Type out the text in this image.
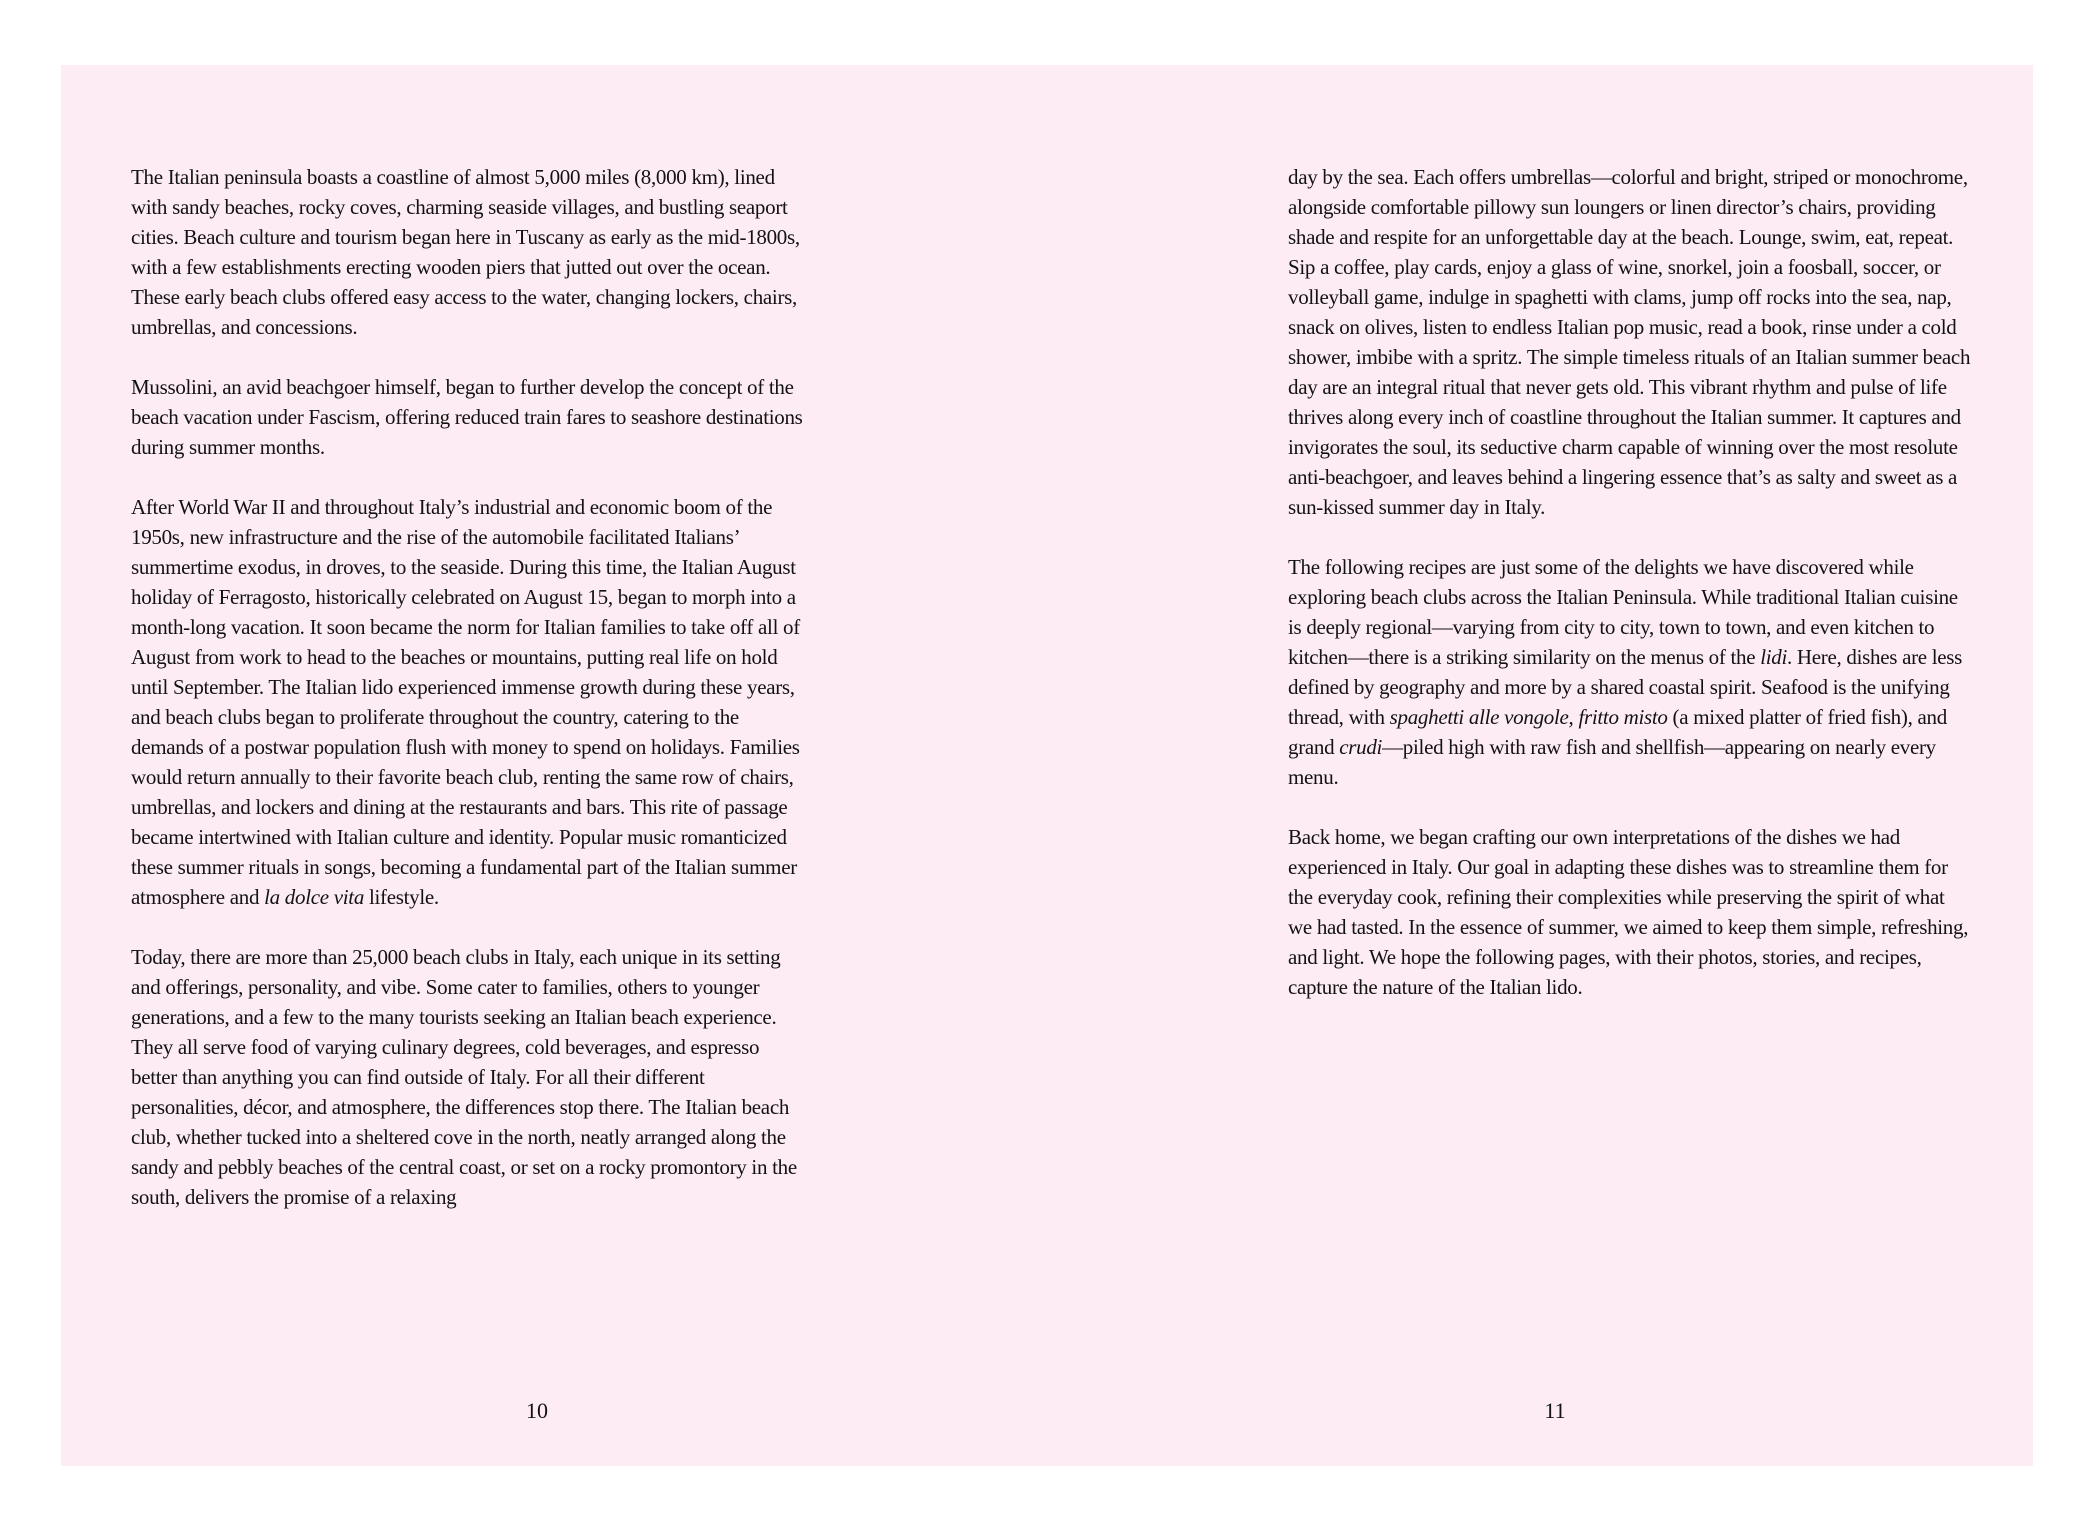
The Italian peninsula boasts a coastline of almost 5,000 miles (8,000 km), lined with sandy beaches, rocky coves, charming seaside villages, and bustling seaport cities. Beach culture and tourism began here in Tuscany as early as the mid-1800s, with a few establishments erecting wooden piers that jutted out over the ocean. These early beach clubs offered easy access to the water, changing lockers, chairs, umbrellas, and concessions.

Mussolini, an avid beachgoer himself, began to further develop the concept of the beach vacation under Fascism, offering reduced train fares to seashore destinations during summer months.

After World War II and throughout Italy’s industrial and economic boom of the 1950s, new infrastructure and the rise of the automobile facilitated Italians’ summertime exodus, in droves, to the seaside. During this time, the Italian August holiday of Ferragosto, historically celebrated on August 15, began to morph into a month-long vacation. It soon became the norm for Italian families to take off all of August from work to head to the beaches or mountains, putting real life on hold until September. The Italian lido experienced immense growth during these years, and beach clubs began to proliferate throughout the country, catering to the demands of a postwar population flush with money to spend on holidays. Families would return annually to their favorite beach club, renting the same row of chairs, umbrellas, and lockers and dining at the restaurants and bars. This rite of passage became intertwined with Italian culture and identity. Popular music romanticized these summer rituals in songs, becoming a fundamental part of the Italian summer atmosphere and la dolce vita lifestyle.

Today, there are more than 25,000 beach clubs in Italy, each unique in its setting and offerings, personality, and vibe. Some cater to families, others to younger generations, and a few to the many tourists seeking an Italian beach experience. They all serve food of varying culinary degrees, cold beverages, and espresso better than anything you can find outside of Italy. For all their different personalities, décor, and atmosphere, the differences stop there. The Italian beach club, whether tucked into a sheltered cove in the north, neatly arranged along the sandy and pebbly beaches of the central coast, or set on a rocky promontory in the south, delivers the promise of a relaxing

day by the sea. Each offers umbrellas—colorful and bright, striped or monochrome, alongside comfortable pillowy sun loungers or linen director’s chairs, providing shade and respite for an unforgettable day at the beach. Lounge, swim, eat, repeat. Sip a coffee, play cards, enjoy a glass of wine, snorkel, join a foosball, soccer, or volleyball game, indulge in spaghetti with clams, jump off rocks into the sea, nap, snack on olives, listen to endless Italian pop music, read a book, rinse under a cold shower, imbibe with a spritz. The simple timeless rituals of an Italian summer beach day are an integral ritual that never gets old. This vibrant rhythm and pulse of life thrives along every inch of coastline throughout the Italian summer. It captures and invigorates the soul, its seductive charm capable of winning over the most resolute anti-beachgoer, and leaves behind a lingering essence that’s as salty and sweet as a sun-kissed summer day in Italy.

The following recipes are just some of the delights we have discovered while exploring beach clubs across the Italian Peninsula. While traditional Italian cuisine is deeply regional—varying from city to city, town to town, and even kitchen to kitchen—there is a striking similarity on the menus of the lidi. Here, dishes are less defined by geography and more by a shared coastal spirit. Seafood is the unifying thread, with spaghetti alle vongole, fritto misto (a mixed platter of fried fish), and grand crudi—piled high with raw fish and shellfish—appearing on nearly every menu.

Back home, we began crafting our own interpretations of the dishes we had experienced in Italy. Our goal in adapting these dishes was to streamline them for the everyday cook, refining their complexities while preserving the spirit of what we had tasted. In the essence of summer, we aimed to keep them simple, refreshing, and light. We hope the following pages, with their photos, stories, and recipes, capture the nature of the Italian lido.

10	11
